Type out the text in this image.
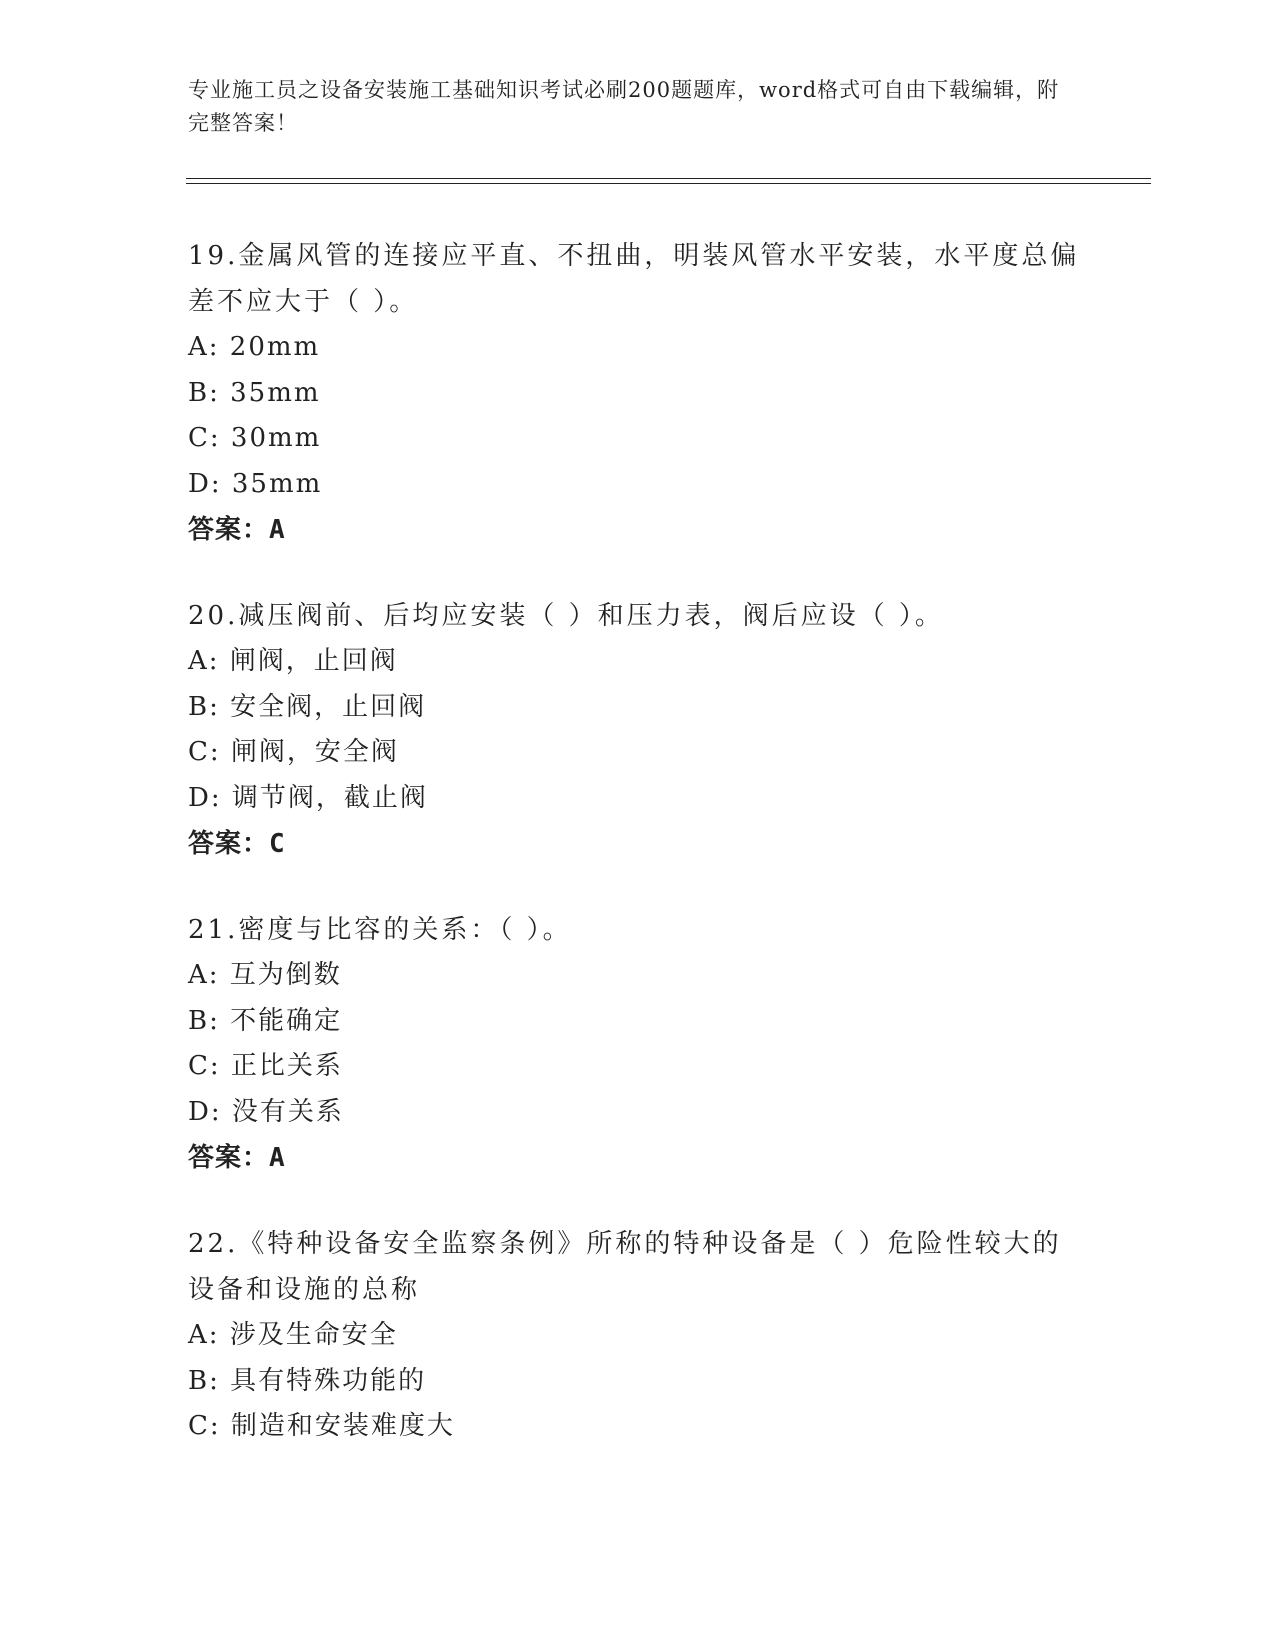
专业施工员之设备安装施工基础知识考试必刷200题题库，word格式可自由下载编辑，附完整答案！
19.金属风管的连接应平直、不扭曲，明装风管水平安装，水平度总偏差不应大于（ ）。
A: 20mm
B: 35mm
C: 30mm
D: 35mm
答案：A
20.减压阀前、后均应安装（ ）和压力表，阀后应设（ ）。
A: 闸阀，止回阀
B: 安全阀，止回阀
C: 闸阀，安全阀
D: 调节阀，截止阀
答案：C
21.密度与比容的关系：（ ）。
A: 互为倒数
B: 不能确定
C: 正比关系
D: 没有关系
答案：A
22.《特种设备安全监察条例》所称的特种设备是（ ）危险性较大的设备和设施的总称
A: 涉及生命安全
B: 具有特殊功能的
C: 制造和安装难度大
